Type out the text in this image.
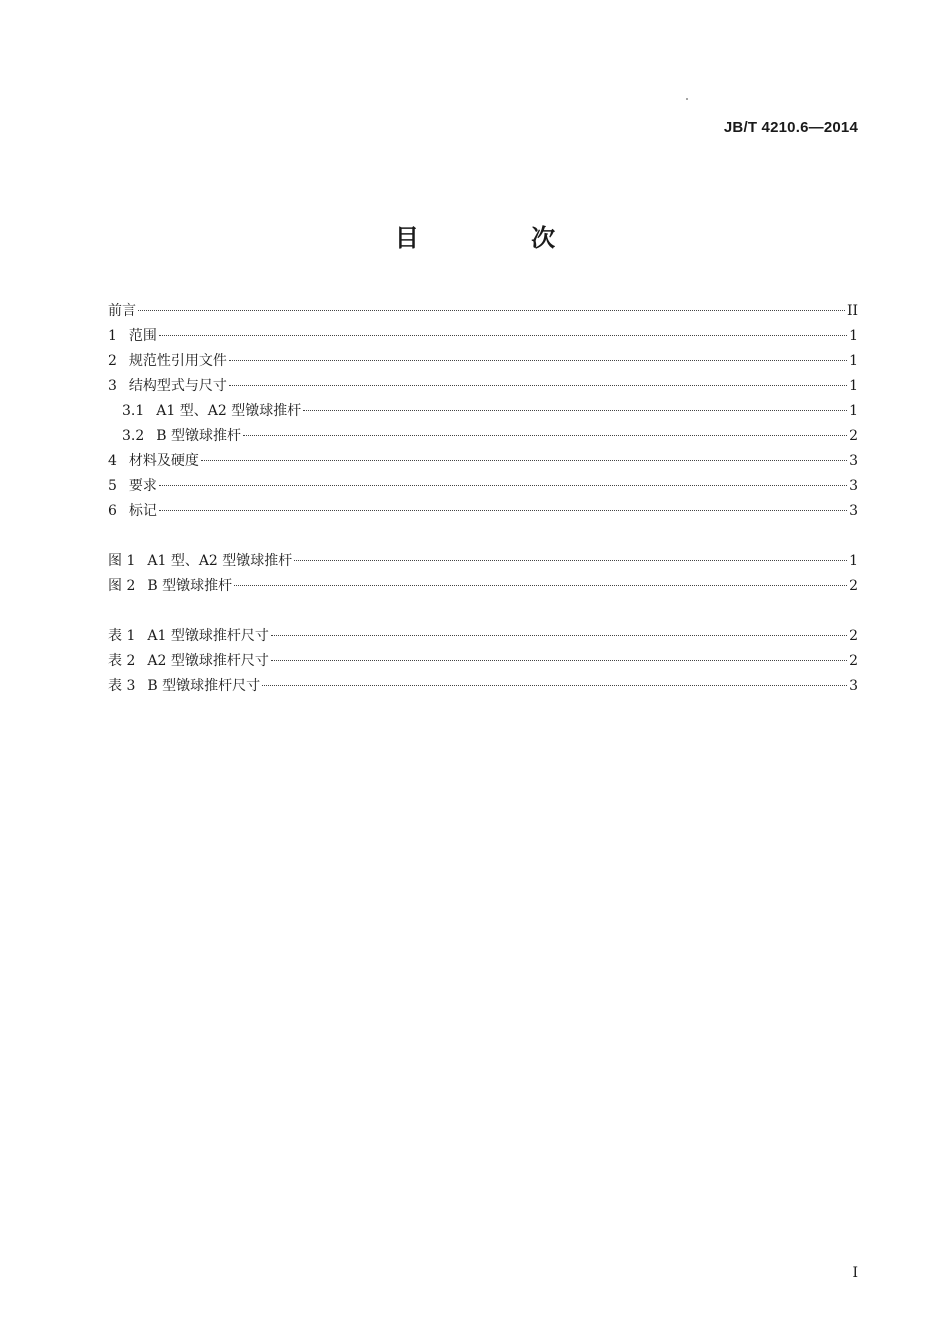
JB/T 4210.6—2014
目 次
前言	II
1 范围	1
2 规范性引用文件	1
3 结构型式与尺寸	1
3.1 A1 型、A2 型镦球推杆	1
3.2 B 型镦球推杆	2
4 材料及硬度	3
5 要求	3
6 标记	3
图 1 A1 型、A2 型镦球推杆	1
图 2 B 型镦球推杆	2
表 1 A1 型镦球推杆尺寸	2
表 2 A2 型镦球推杆尺寸	2
表 3 B 型镦球推杆尺寸	3
I
